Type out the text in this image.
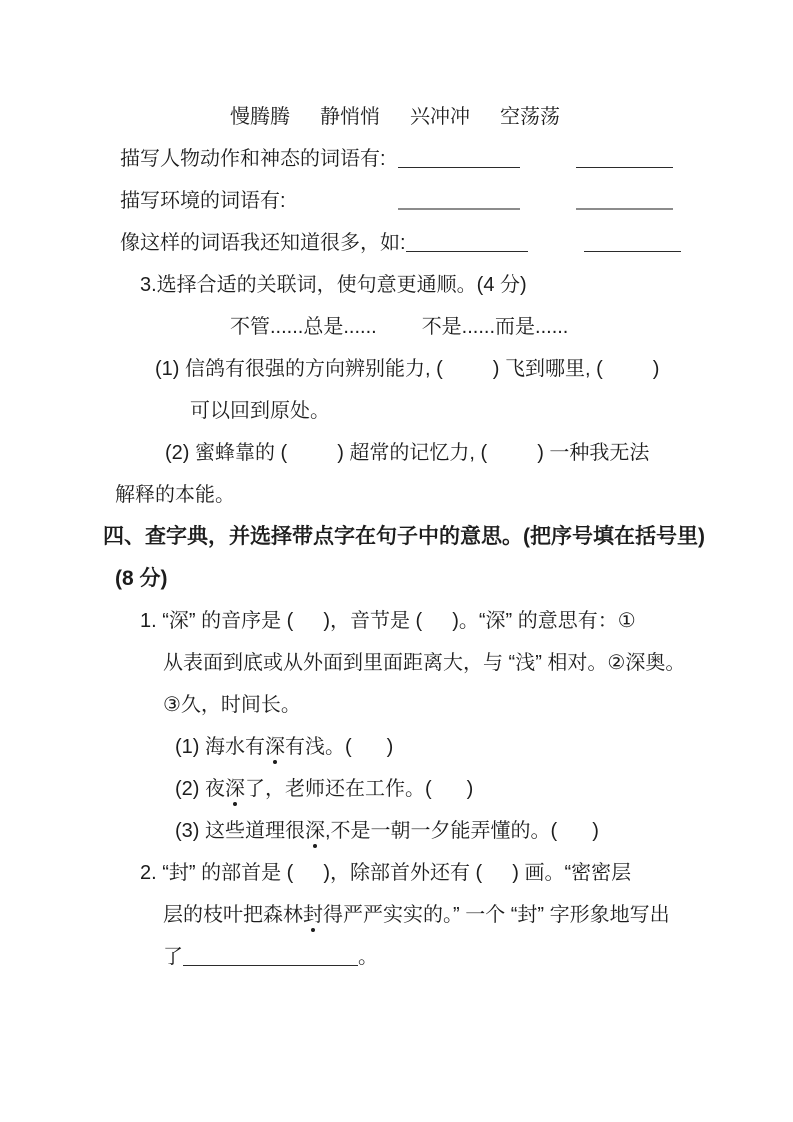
慢腾腾 静悄悄 兴冲冲 空荡荡
描写人物动作和神态的词语有:
描写环境的词语有:
像这样的词语我还知道很多，如:
3.选择合适的关联词，使句意更通顺。(4 分)
不管......总是...... 不是......而是......
(1) 信鸽有很强的方向辨别能力, (	) 飞到哪里, (	)
可以回到原处。
(2) 蜜蜂靠的 (	) 超常的记忆力, (	) 一种我无法
解释的本能。
四、查字典，并选择带点字在句子中的意思。(把序号填在括号里)
(8 分)
1. “深” 的音序是 ( )，音节是 ( )。“深” 的意思有：①
从表面到底或从外面到里面距离大，与 “浅” 相对。②深奥。
③久，时间长。
(1) 海水有深有浅。( )
(2) 夜深了，老师还在工作。( )
(3) 这些道理很深,不是一朝一夕能弄懂的。( )
2. “封” 的部首是 ( )，除部首外还有 ( ) 画。“密密层
层的枝叶把森林封得严严实实的。” 一个 “封” 字形象地写出
了	。
